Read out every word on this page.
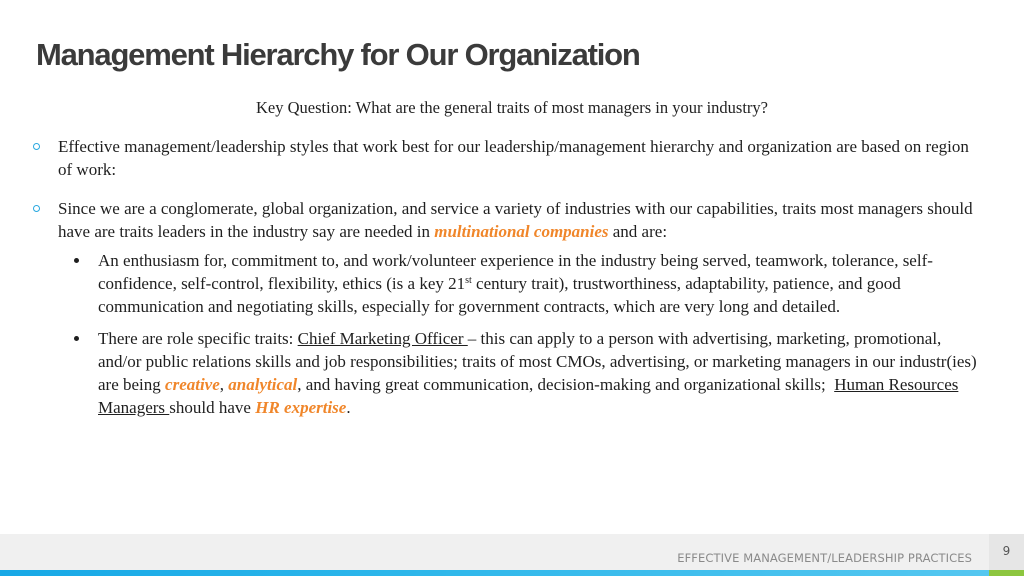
Management Hierarchy for Our Organization
Key Question: What are the general traits of most managers in your industry?
Effective management/leadership styles that work best for our leadership/management hierarchy and organization are based on region of work:
Since we are a conglomerate, global organization, and service a variety of industries with our capabilities, traits most managers should have are traits leaders in the industry say are needed in multinational companies and are:
An enthusiasm for, commitment to, and work/volunteer experience in the industry being served, teamwork, tolerance, self-confidence, self-control, flexibility, ethics (is a key 21st century trait), trustworthiness, adaptability, patience, and good communication and negotiating skills, especially for government contracts, which are very long and detailed.
There are role specific traits: Chief Marketing Officer – this can apply to a person with advertising, marketing, promotional, and/or public relations skills and job responsibilities; traits of most CMOs, advertising, or marketing managers in our industr(ies) are being creative, analytical, and having great communication, decision-making and organizational skills;  Human Resources Managers should have HR expertise.
EFFECTIVE MANAGEMENT/LEADERSHIP PRACTICES	9
